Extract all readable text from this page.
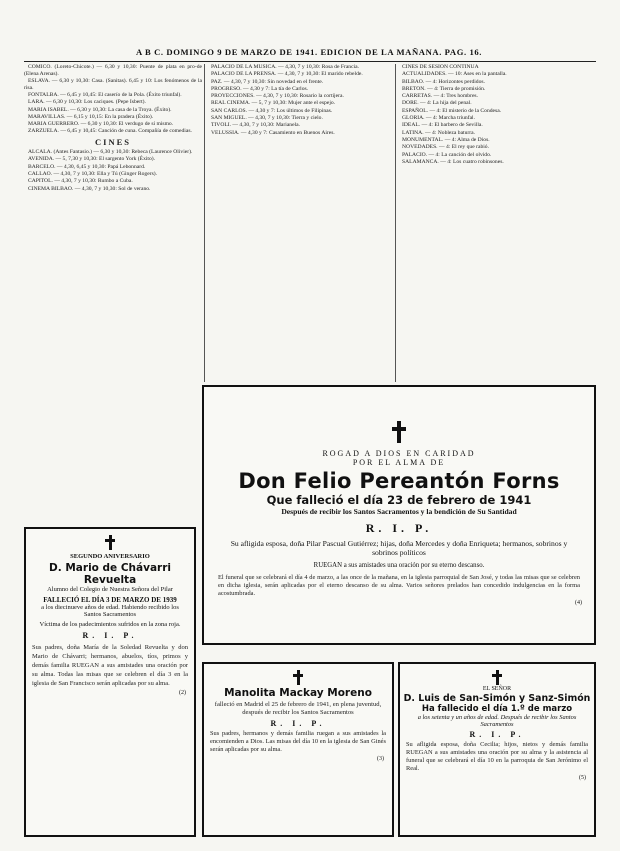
A B C. DOMINGO 9 DE MARZO DE 1941. EDICION DE LA MAÑANA. PAG. 16.

COMICO. (Loreto-Chicote.) — 6,30 y 10,30: Puente de plata en pro-de (Elena Arenas).

ESLAVA. — 6,30 y 10,30: Casa. (Sanitas). 6,45 y 10: Los fenómenos de la risa.

FONTALBA. — 6,45 y 10,45: El caserío de la Pola. (Éxito triunfal).

LARA. — 6,30 y 10,30: Los caciques. (Pepe Isbert).

MARIA ISABEL. — 6,30 y 10,30: La casa de la Troya. (Éxito).

MARAVILLAS. — 6,15 y 10,15: En la pradera (Éxito).

MARIA GUERRERO. — 6,30 y 10,30: El verdugo de sí mismo.

ZARZUELA. — 6,45 y 10,45: Canción de cuna. Compañía de comedias.

CINES

ALCALA. (Antes Fantasio.) — 6,30 y 10,30: Rebeca (Laurence Olivier).

AVENIDA. — 5, 7,30 y 10,30: El sargento York (Éxito).

BARCELO. — 4,30, 6,45 y 10,30: Papá Lebonnard.

CALLAO. — 4,30, 7 y 10,30: Ella y Tú (Ginger Rogers).

CAPITOL. — 4,30, 7 y 10,30: Rumbo a Cuba.

CINEMA BILBAO. — 4,30, 7 y 10,30: Sol de verano.

PALACIO DE LA MUSICA. — 4,30, 7 y 10,30: Rosa de Francia.

PALACIO DE LA PRENSA. — 4,30, 7 y 10,30: El marido rebelde.

PAZ. — 4,30, 7 y 10,30: Sin novedad en el frente.

PROGRESO. — 4,30 y 7: La tía de Carlos.

PROYECCIONES. — 4,30, 7 y 10,30: Rosario la cortijera.

REAL CINEMA. — 5, 7 y 10,30: Mujer ante el espejo.

SAN CARLOS. — 4,30 y 7: Los últimos de Filipinas.

SAN MIGUEL. — 4,30, 7 y 10,30: Tierra y cielo.

TIVOLI. — 4,30, 7 y 10,30: Marianela.

VELUSSIA. — 4,30 y 7: Casamiento en Buenos Aires.

CINES DE SESION CONTINUA

ACTUALIDADES. — 10: Ases en la pantalla.

BILBAO. — 4: Horizontes perdidos.

BRETON. — 4: Tierra de promisión.

CARRETAS. — 4: Tres hombres.

DORE. — 4: La hija del penal.

ESPAÑOL. — 4: El misterio de la Condesa.

GLORIA. — 4: Marcha triunfal.

IDEAL. — 4: El barbero de Sevilla.

LATINA. — 4: Nobleza baturra.

MONUMENTAL. — 4: Alma de Dios.

NOVEDADES. — 4: El rey que rabió.

PALACIO. — 4: La canción del olvido.

SALAMANCA. — 4: Los cuatro robinsones.

ROGAD A DIOS EN CARIDAD
POR EL ALMA DE
Don Felio Pereantón Forns
Que falleció el día 23 de febrero de 1941
Después de recibir los Santos Sacramentos y la bendición de Su Santidad
R. I. P.
Su afligida esposa, doña Pilar Pascual Gutiérrez; hijas, doña Mercedes y doña Enriqueta; hermanos, sobrinos y sobrinos políticos
RUEGAN a sus amistades una oración por su eterno descanso.
El funeral que se celebrará el día 4 de marzo, a las once de la mañana, en la iglesia parroquial de San José, y todas las misas que se celebren en dicha iglesia, serán aplicadas por el eterno descanso de su alma. Varios señores prelados han concedido indulgencias en la forma acostumbrada.
(4)
SEGUNDO ANIVERSARIO
D. Mario de Chávarri Revuelta
Alumno del Colegio de Nuestra Señora del Pilar
FALLECIÓ EL DÍA 3 DE MARZO DE 1939
a los diecinueve años de edad. Habiendo recibido los Santos Sacramentos
Víctima de los padecimientos sufridos en la zona roja.
R. I. P.
Sus padres, doña María de la Soledad Revuelta y don Mario de Chávarri; hermanos, abuelos, tíos, primos y demás familia RUEGAN a sus amistades una oración por su alma. Todas las misas que se celebren el día 3 en la iglesia de San Francisco serán aplicadas por su alma.
(2)	Manolita Mackay Moreno
falleció en Madrid el 25 de febrero de 1941, en plena juventud, después de recibir los Santos Sacramentos
R. I. P.
Sus padres, hermanos y demás familia ruegan a sus amistades la encomienden a Dios. Las misas del día 10 en la iglesia de San Ginés serán aplicadas por su alma.
(3)
EL SEÑOR
D. Luis de San-Simón y Sanz-Simón
Ha fallecido el día 1.º de marzo
a los setenta y un años de edad. Después de recibir los Santos Sacramentos
R. I. P.
Su afligida esposa, doña Cecilia; hijos, nietos y demás familia RUEGAN a sus amistades una oración por su alma y la asistencia al funeral que se celebrará el día 10 en la parroquia de San Jerónimo el Real.
(5)
